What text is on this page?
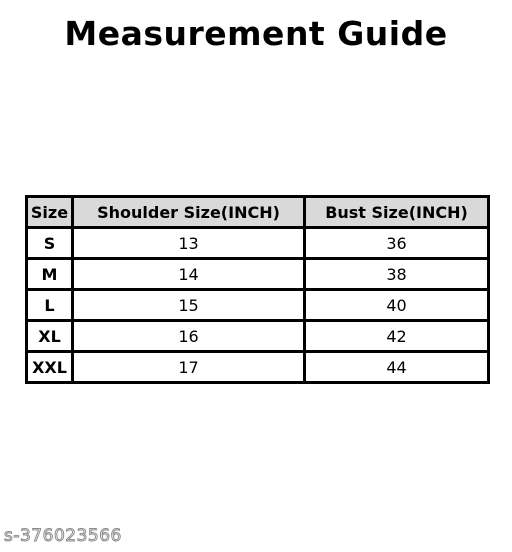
Measurement Guide
Size	Shoulder Size(INCH)	Bust Size(INCH)
S	13	36
M	14	38
L	15	40
XL	16	42
XXL	17	44
s-376023566
